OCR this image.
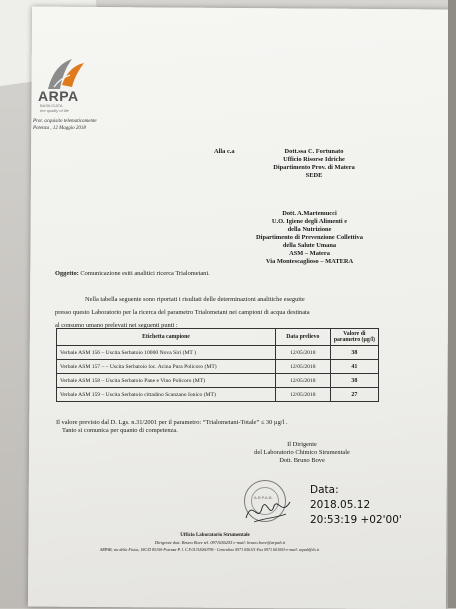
ARPA
BASILICATA
the quality of life
Prot. acquisito telematicamente
Potenza , 12 Maggio 2018
Alla c.a	Dott.ssa C. Fortunato
Ufficio Risorse Idriche
Dipartimento Prov. di Matera
SEDE
Dott. A.Martemucci
U.O. Igiene degli Alimenti e
della Nutrizione
Dipartimento di Prevenzione Collettiva
della Salute Umana
ASM – Matera
Via Montescaglioso – MATERA
Oggetto: Comunicazione esiti analitici ricerca Trialometani.
Nella tabella seguente sono riportati i risultati delle determinazioni analitiche eseguite
presso questo Laboratorio per la ricerca del parametro Trialometani nei campioni di acqua destinata
al consumo umano prelevati nei seguenti punti :
Etichetta campione	Data prelievo	Valore di parametro (µg/l)
Verbale ASM 156 – Uscita Serbatoio 10000 Nova Siri (MT )	12/05/2018	38
Verbale ASM 157 – – Uscita Serbatoio loc. Acina Pura Policoro (MT)	12/05/2018	41
Verbale ASM 158 – Uscita Serbatoio Pane e Vino Policoro (MT)	12/05/2018	38
Verbale ASM 159 – Uscita Serbatoio cittadino Scanzano Ionico (MT)	12/05/2018	27
Il valore previsto dal D. Lgs. n.31/2001 per il parametro: “Trialometani-Totale” ≤ 30 µg/l .
Tanto si comunica per quanto di competenza.
Il Dirigente
del Laboratorio Chimico Strumentale
Dott. Bruno Bove
A.R.P.A.B.
Data:
2018.05.12
20:53:19 +02'00'
Ufficio Laboratorio Strumentale
Dirigente dott. Bruno Bove tel. 0971656255 e-mail: bruno.bove@arpab.it
ARPAB, via della Fisica, 18C/D 85100-Potenza-P. I. C.F.01318260796 - Centralino 0971 656111-Fax 0971 601003-e-mail: arpab@ils.it
